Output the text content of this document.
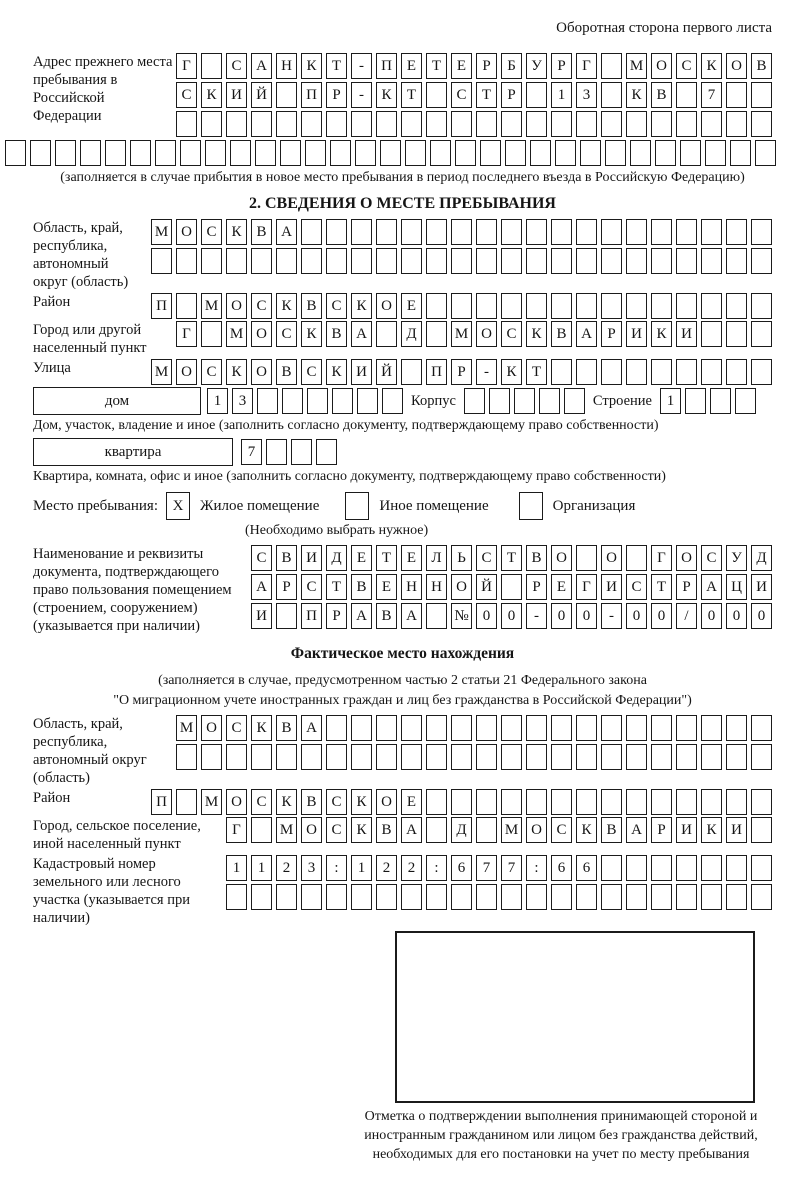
Оборотная сторона первого листа
Адрес прежнего места пребывания в Российской Федерации
Г	С А Н К	Т	-	П Е	Т	Е	Р	Б	У	Р	Г	М О С К О В
С К И Й	П	Р	-	К	Т	С	Т	Р	1	3	К В	7
(заполняется в случае прибытия в новое место пребывания в период последнего въезда в Российскую Федерацию)
2. СВЕДЕНИЯ О МЕСТЕ ПРЕБЫВАНИЯ
Область, край, республика, автономный округ (область)
М О С К В А
Район	П	М О С К В С К О Е
Город или другой населенный пункт
Г	М О С К В А	Д	М О С К В А	Р	И К И
Улица	М О С К О В С К И Й	П	Р	-	К	Т
дом	1	3	Корпус	Строение 1
Дом, участок, владение и иное (заполнить согласно документу, подтверждающему право собственности)
квартира	7
Квартира, комната, офис и иное (заполнить согласно документу, подтверждающему право собственности)
Место пребывания: X	Жилое помещение	Иное помещение	Организация
(Необходимо выбрать нужное)
Наименование и реквизиты документа, подтверждающего право пользования помещением (строением, сооружением) (указывается при наличии)
С В И Д	Е	Т	Е	Л	Ь	С	Т	В О	О	Г	О С У Д
А	Р	С	Т	В	Е	Н Н О Й	Р	Е	Г	И С	Т	Р	А Ц И
И	П	Р	А В А	№ 0	0	-	0	0	-	0	0	/	0	0	0
Фактическое место нахождения
(заполняется в случае, предусмотренном частью 2 статьи 21 Федерального закона
"О миграционном учете иностранных граждан и лиц без гражданства в Российской Федерации")
Область, край, республика, автономный округ (область)
М О С К В А
Район	П	М О С К В С К О Е
Город, сельское поселение, иной населенный пункт
Г	М О С К В А	Д	М О С К В А	Р	И К И
Кадастровый номер земельного или лесного участка (указывается при наличии)
1	1	2	3	:	1	2	2	:	6	7	7	:	6	6
Отметка о подтверждении выполнения принимающей стороной и иностранным гражданином или лицом без гражданства действий, необходимых для его постановки на учет по месту пребывания
